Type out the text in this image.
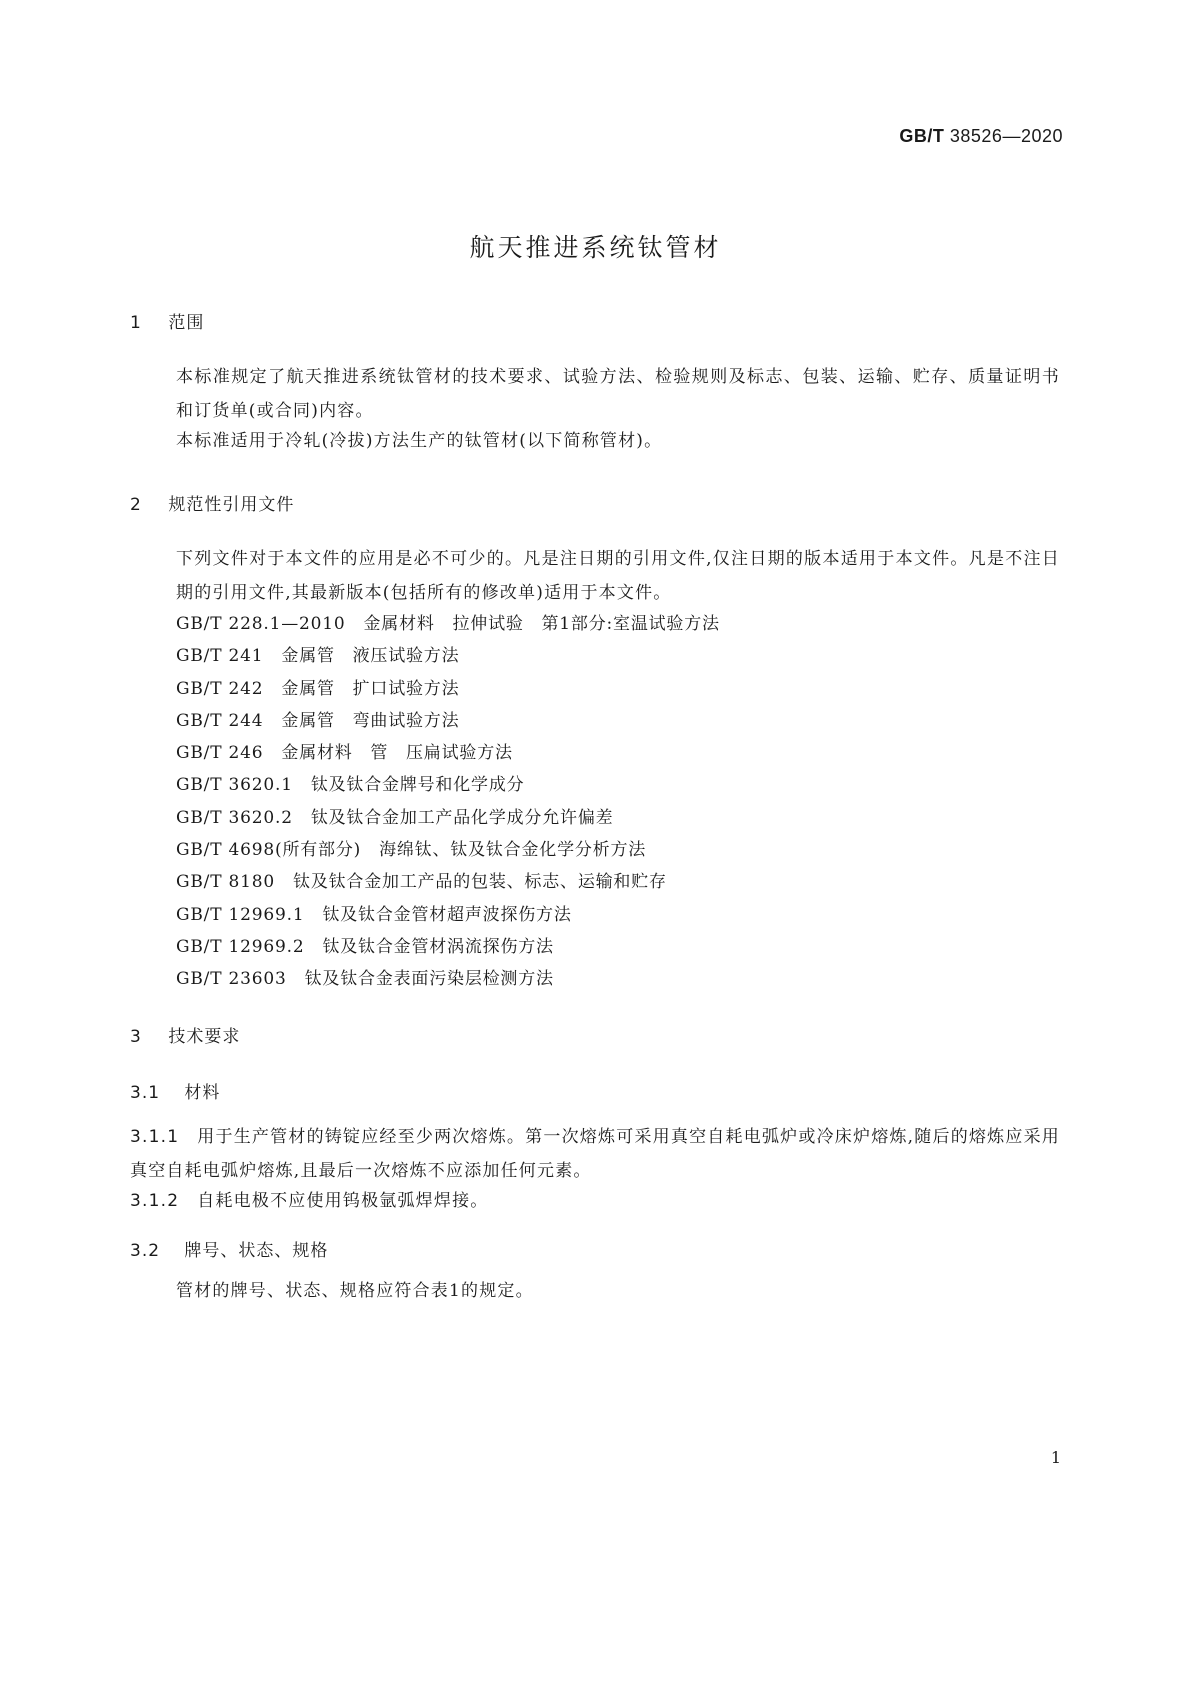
GB/T 38526—2020
航天推进系统钛管材
1 范围
本标准规定了航天推进系统钛管材的技术要求、试验方法、检验规则及标志、包装、运输、贮存、质量证明书和订货单(或合同)内容。
本标准适用于冷轧(冷拔)方法生产的钛管材(以下简称管材)。
2 规范性引用文件
下列文件对于本文件的应用是必不可少的。凡是注日期的引用文件,仅注日期的版本适用于本文件。凡是不注日期的引用文件,其最新版本(包括所有的修改单)适用于本文件。
GB/T 228.1—2010 金属材料　拉伸试验　第1部分:室温试验方法
GB/T 241 金属管　液压试验方法
GB/T 242 金属管　扩口试验方法
GB/T 244 金属管　弯曲试验方法
GB/T 246 金属材料　管　压扁试验方法
GB/T 3620.1 钛及钛合金牌号和化学成分
GB/T 3620.2 钛及钛合金加工产品化学成分允许偏差
GB/T 4698(所有部分) 海绵钛、钛及钛合金化学分析方法
GB/T 8180 钛及钛合金加工产品的包装、标志、运输和贮存
GB/T 12969.1 钛及钛合金管材超声波探伤方法
GB/T 12969.2 钛及钛合金管材涡流探伤方法
GB/T 23603 钛及钛合金表面污染层检测方法
3 技术要求
3.1 材料
3.1.1 用于生产管材的铸锭应经至少两次熔炼。第一次熔炼可采用真空自耗电弧炉或冷床炉熔炼,随后的熔炼应采用真空自耗电弧炉熔炼,且最后一次熔炼不应添加任何元素。
3.1.2 自耗电极不应使用钨极氩弧焊焊接。
3.2 牌号、状态、规格
管材的牌号、状态、规格应符合表1的规定。
1
